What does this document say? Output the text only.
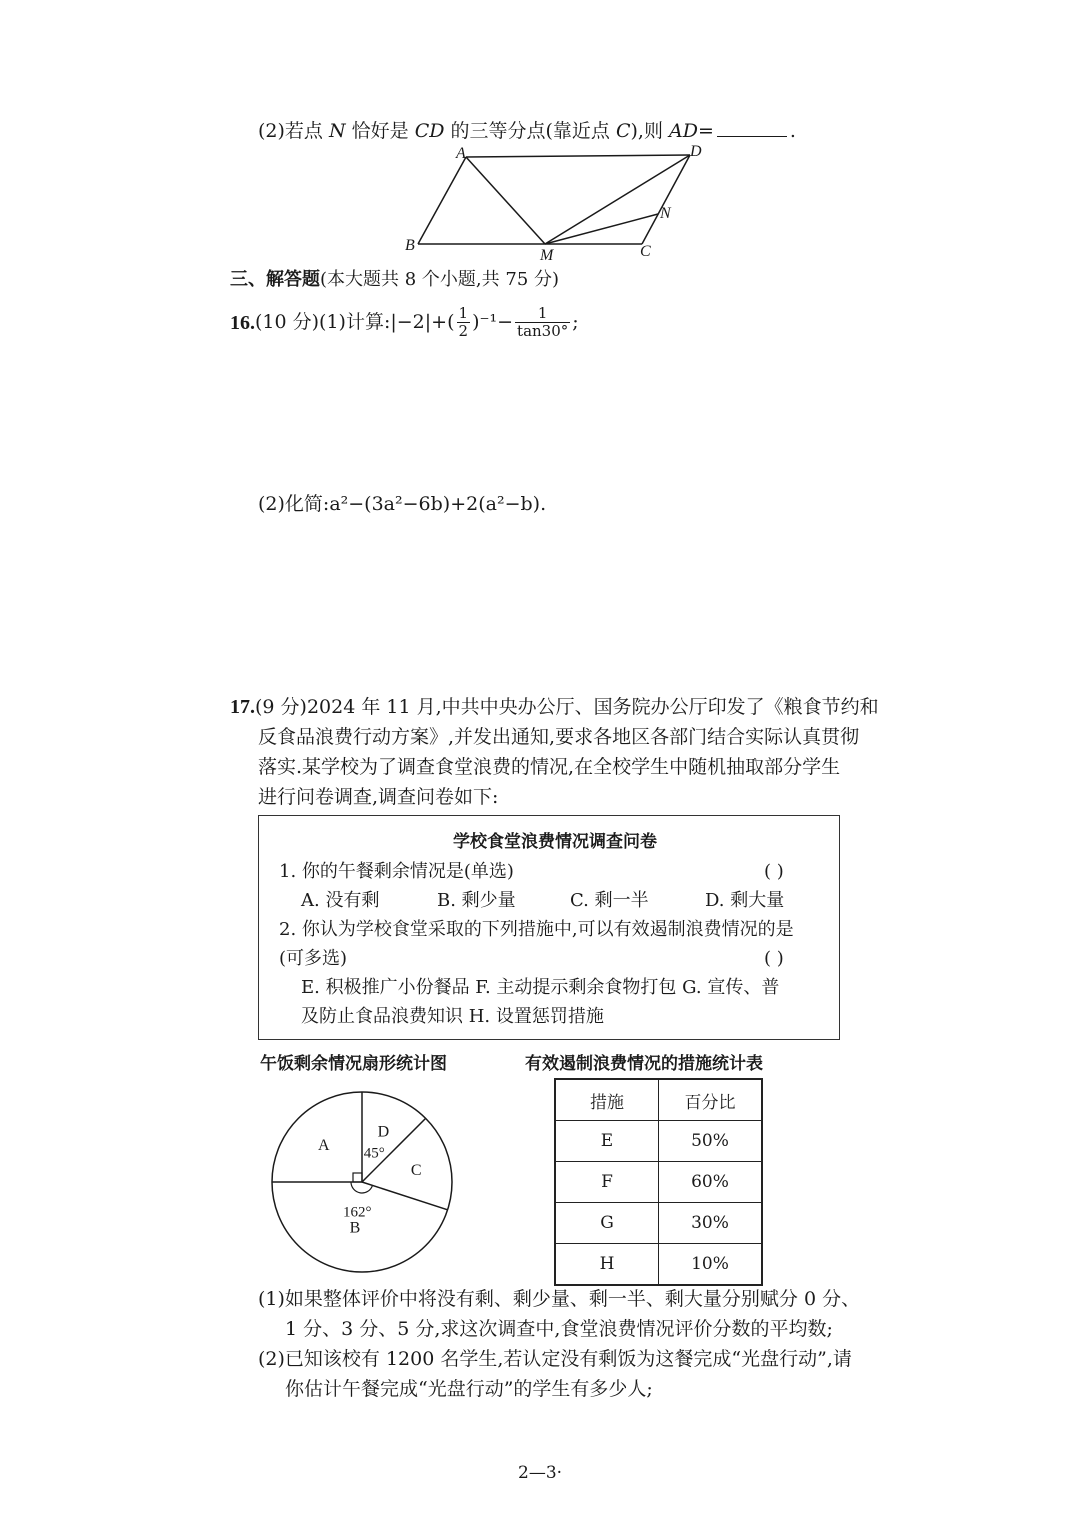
(2)若点 N 恰好是 CD 的三等分点(靠近点 C),则 AD=	.
A	D
N
B
M	C
三、解答题(本大题共 8 个小题,共 75 分)
16. (10 分)(1)计算:|−2|+( $\frac{1}{2} )^{-1}- \frac{1}{\tan 30^\circ}$ ;
(2)化简:a²−(3a²−6b)+2(a²−b).
17.(9 分)2024 年 11 月,中共中央办公厅、国务院办公厅印发了《粮食节约和
反食品浪费行动方案》,并发出通知,要求各地区各部门结合实际认真贯彻
落实.某学校为了调查食堂浪费的情况,在全校学生中随机抽取部分学生
进行问卷调查,调查问卷如下:
学校食堂浪费情况调查问卷
1. 你的午餐剩余情况是(单选)	( )
A. 没有剩	B. 剩少量	C. 剩一半	D. 剩大量
2. 你认为学校食堂采取的下列措施中,可以有效遏制浪费情况的是
(可多选)	( )
E. 积极推广小份餐品 F. 主动提示剩余食物打包 G. 宣传、普
及防止食品浪费知识 H. 设置惩罚措施
午饭剩余情况扇形统计图	有效遏制浪费情况的措施统计表
D
C
B
A 45°
162°
措施	百分比
E	50%
F	60%
G	30%
H	10%
(1)如果整体评价中将没有剩、剩少量、剩一半、剩大量分别赋分 0 分、
1 分、3 分、5 分,求这次调查中,食堂浪费情况评价分数的平均数;
(2)已知该校有 1200 名学生,若认定没有剩饭为这餐完成“光盘行动”,请
你估计午餐完成“光盘行动”的学生有多少人;
2—3·
